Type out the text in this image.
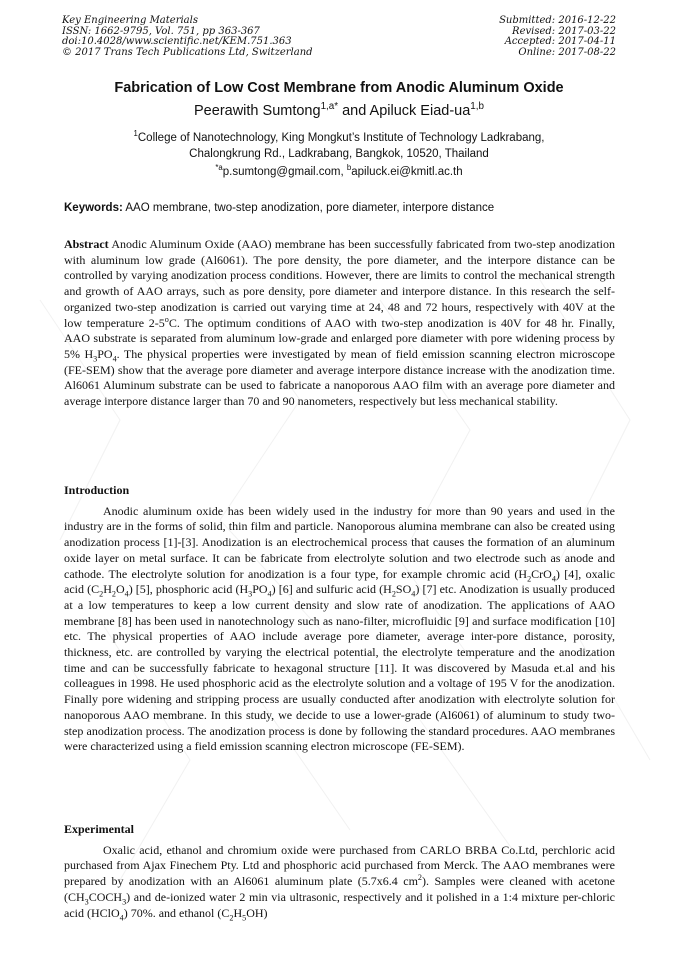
Key Engineering Materials
ISSN: 1662-9795, Vol. 751, pp 363-367
doi:10.4028/www.scientific.net/KEM.751.363
© 2017 Trans Tech Publications Ltd, Switzerland
Submitted: 2016-12-22
Revised: 2017-03-22
Accepted: 2017-04-11
Online: 2017-08-22
Fabrication of Low Cost Membrane from Anodic Aluminum Oxide
Peerawith Sumtong$^{1,a*}$ and Apiluck Eiad-ua$^{1,b}$
$^1$College of Nanotechnology, King Mongkut’s Institute of Technology Ladkrabang,
Chalongkrung Rd., Ladkrabang, Bangkok, 10520, Thailand
$^{*a}$p.sumtong@gmail.com, $^b$apiluck.ei@kmitl.ac.th
Keywords: AAO membrane, two-step anodization, pore diameter, interpore distance
Abstract Anodic Aluminum Oxide (AAO) membrane has been successfully fabricated from two-step anodization with aluminum low grade (Al6061). The pore density, the pore diameter, and the interpore distance can be controlled by varying anodization process conditions. However, there are limits to control the mechanical strength and growth of AAO arrays, such as pore density, pore diameter and interpore distance. In this research the self-organized two-step anodization is carried out varying time at 24, 48 and 72 hours, respectively with 40V at the low temperature 2-5$^o$C. The optimum conditions of AAO with two-step anodization is 40V for 48 hr. Finally, AAO substrate is separated from aluminum low-grade and enlarged pore diameter with pore widening process by 5% $H_3PO_4$. The physical properties were investigated by mean of field emission scanning electron microscope (FE-SEM) show that the average pore diameter and average interpore distance increase with the anodization time. Al6061 Aluminum substrate can be used to fabricate a nanoporous AAO film with an average pore diameter and average interpore distance larger than 70 and 90 nanometers, respectively but less mechanical stability.
Introduction
Anodic aluminum oxide has been widely used in the industry for more than 90 years and used in the industry are in the forms of solid, thin film and particle. Nanoporous alumina membrane can also be created using anodization process [1]-[3]. Anodization is an electrochemical process that causes the formation of an aluminum oxide layer on metal surface. It can be fabricate from electrolyte solution and two electrode such as anode and cathode. The electrolyte solution for anodization is a four type, for example chromic acid $(H_2CrO_4)$ [4], oxalic acid $(C_2H_2O_4)$ [5], phosphoric acid $(H_3PO_4)$ [6] and sulfuric acid $(H_2SO_4)$ [7] etc. Anodization is usually produced at a low temperatures to keep a low current density and slow rate of anodization. The applications of AAO membrane [8] has been used in nanotechnology such as nano-filter, microfluidic [9] and surface modification [10] etc. The physical properties of AAO include average pore diameter, average inter-pore distance, porosity, thickness, etc. are controlled by varying the electrical potential, the electrolyte temperature and the anodization time and can be successfully fabricate to hexagonal structure [11]. It was discovered by Masuda et.al and his colleagues in 1998. He used phosphoric acid as the electrolyte solution and a voltage of 195 V for the anodization. Finally pore widening and stripping process are usually conducted after anodization with electrolyte solution for nanoporous AAO membrane. In this study, we decide to use a lower-grade (Al6061) of aluminum to study two-step anodization process. The anodization process is done by following the standard procedures. AAO membranes were characterized using a field emission scanning electron microscope (FE-SEM).
Experimental
Oxalic acid, ethanol and chromium oxide were purchased from CARLO BRBA Co.Ltd, perchloric acid purchased from Ajax Finechem Pty. Ltd and phosphoric acid purchased from Merck. The AAO membranes were prepared by anodization with an Al6061 aluminum plate (5.7x6.4 $cm^2$). Samples were cleaned with acetone $(CH_3COCH_3)$ and de-ionized water 2 min via ultrasonic, respectively and it polished in a 1:4 mixture per-chloric acid (HClO$_4$) 70%. and ethanol $(C_2H_5OH)$
